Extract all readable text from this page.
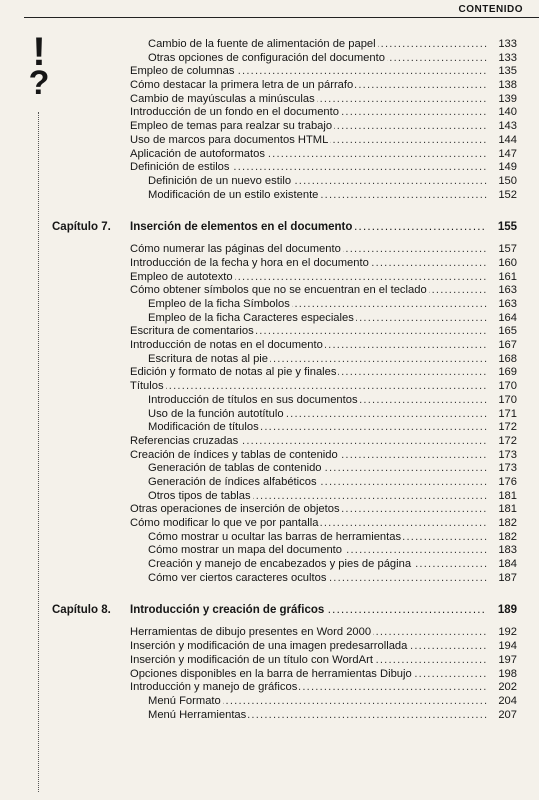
CONTENIDO
!
?
.....
Cambio de la fuente de alimentación de papel	133
.....
Otras opciones de configuración del documento	133
.....
Empleo de columnas	135
.....
Cómo destacar la primera letra de un párrafo	138
.....
Cambio de mayúsculas a minúsculas	139
.....
Introducción de un fondo en el documento	140
.....
Empleo de temas para realzar su trabajo	143
.....
Uso de marcos para documentos HTML	144
.....
Aplicación de autoformatos	147
.....
Definición de estilos	149
.....
Definición de un nuevo estilo	150
.....
Modificación de un estilo existente	152
Capítulo 7. ..... Inserción de elementos en el documento	155
.....
Cómo numerar las páginas del documento	157
.....
Introducción de la fecha y hora en el documento	160
.....
Empleo de autotexto	161
.....
Cómo obtener símbolos que no se encuentran en el teclado	163
.....
Empleo de la ficha Símbolos	163
.....
Empleo de la ficha Caracteres especiales	164
.....
Escritura de comentarios	165
.....
Introducción de notas en el documento	167
.....
Escritura de notas al pie	168
.....
Edición y formato de notas al pie y finales	169
.....
Títulos	170
.....
Introducción de títulos en sus documentos	170
.....
Uso de la función autotítulo	171
.....
Modificación de títulos	172
.....
Referencias cruzadas	172
.....
Creación de índices y tablas de contenido	173
.....
Generación de tablas de contenido	173
.....
Generación de índices alfabéticos	176
.....
Otros tipos de tablas	181
.....
Otras operaciones de inserción de objetos	181
.....
Cómo modificar lo que ve por pantalla	182
.....
Cómo mostrar u ocultar las barras de herramientas	182
.....
Cómo mostrar un mapa del documento	183
.....
Creación y manejo de encabezados y pies de página	184
.....
Cómo ver ciertos caracteres ocultos	187
Capítulo 8. ..... Introducción y creación de gráficos	189
.....
Herramientas de dibujo presentes en Word 2000	192
.....
Inserción y modificación de una imagen predesarrollada	194
.....
Inserción y modificación de un título con WordArt	197
.....
Opciones disponibles en la barra de herramientas Dibujo	198
.....
Introducción y manejo de gráficos	202
.....
Menú Formato	204
.....
Menú Herramientas	207
